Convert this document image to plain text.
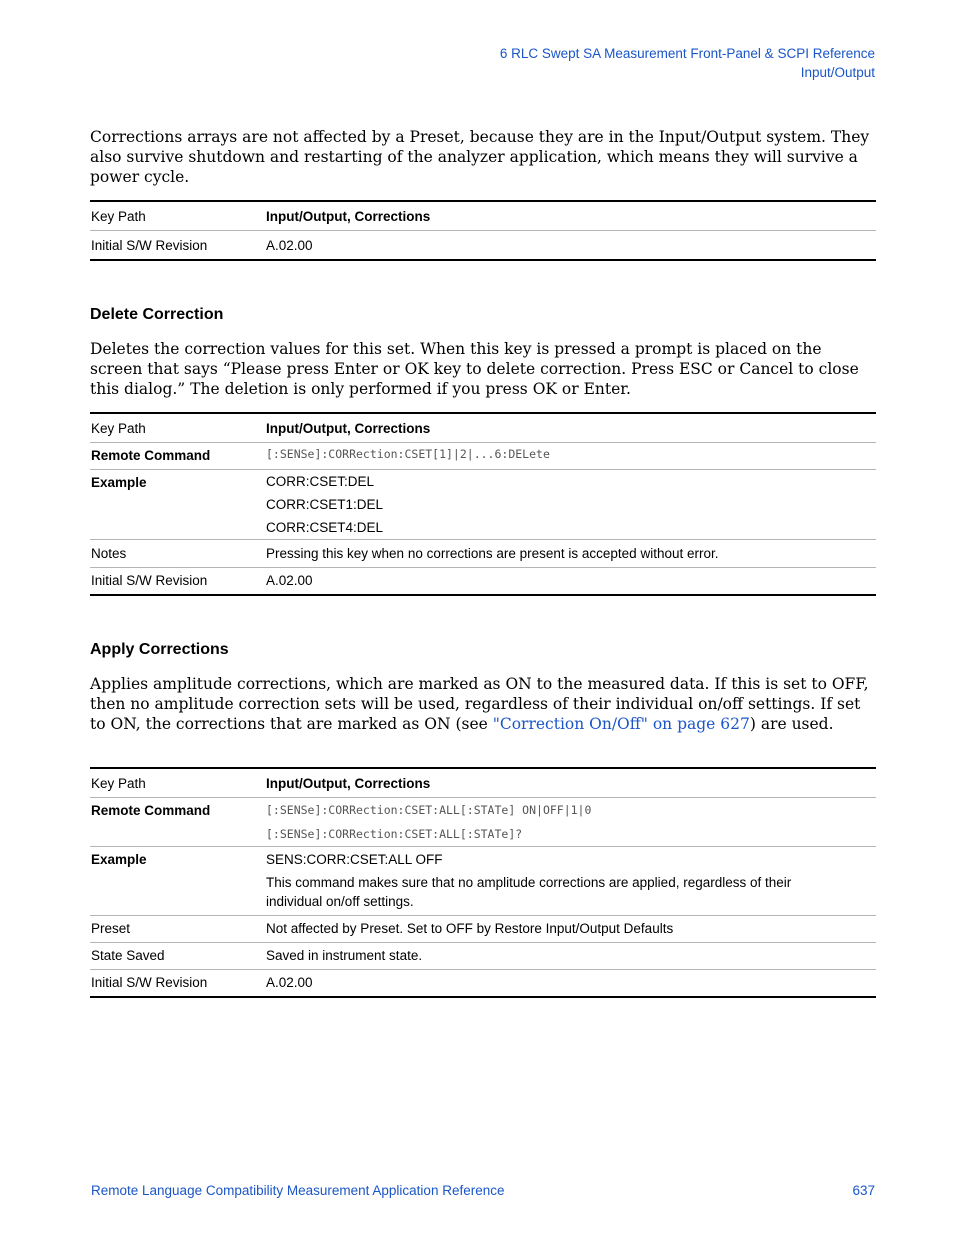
6 RLC Swept SA Measurement Front-Panel & SCPI Reference
Input/Output

Corrections arrays are not affected by a Preset, because they are in the Input/Output system. They also survive shutdown and restarting of the analyzer application, which means they will survive a power cycle.

Key Path	Input/Output, Corrections

Initial S/W Revision	A.02.00
Delete Correction

Deletes the correction values for this set. When this key is pressed a prompt is placed on the screen that says “Please press Enter or OK key to delete correction. Press ESC or Cancel to close this dialog.” The deletion is only performed if you press OK or Enter.

Key Path	Input/Output, Corrections

Remote Command	[:SENSe]:CORRection:CSET[1]|2|...6:DELete

Example	CORR:CSET:DEL
CORR:CSET1:DEL
CORR:CSET4:DEL

Notes	Pressing this key when no corrections are present is accepted without error.

Initial S/W Revision	A.02.00
Apply Corrections

Applies amplitude corrections, which are marked as ON to the measured data. If this is set to OFF, then no amplitude correction sets will be used, regardless of their individual on/off settings. If set to ON, the corrections that are marked as ON (see "Correction On/Off" on page 627) are used.

Key Path	Input/Output, Corrections

Remote Command	[:SENSe]:CORRection:CSET:ALL[:STATe] ON|OFF|1|0
[:SENSe]:CORRection:CSET:ALL[:STATe]?

Example	SENS:CORR:CSET:ALL OFF
This command makes sure that no amplitude corrections are applied, regardless of their individual on/off settings.

Preset	Not affected by Preset. Set to OFF by Restore Input/Output Defaults

State Saved	Saved in instrument state.

Initial S/W Revision	A.02.00
Remote Language Compatibility Measurement Application Reference	637
